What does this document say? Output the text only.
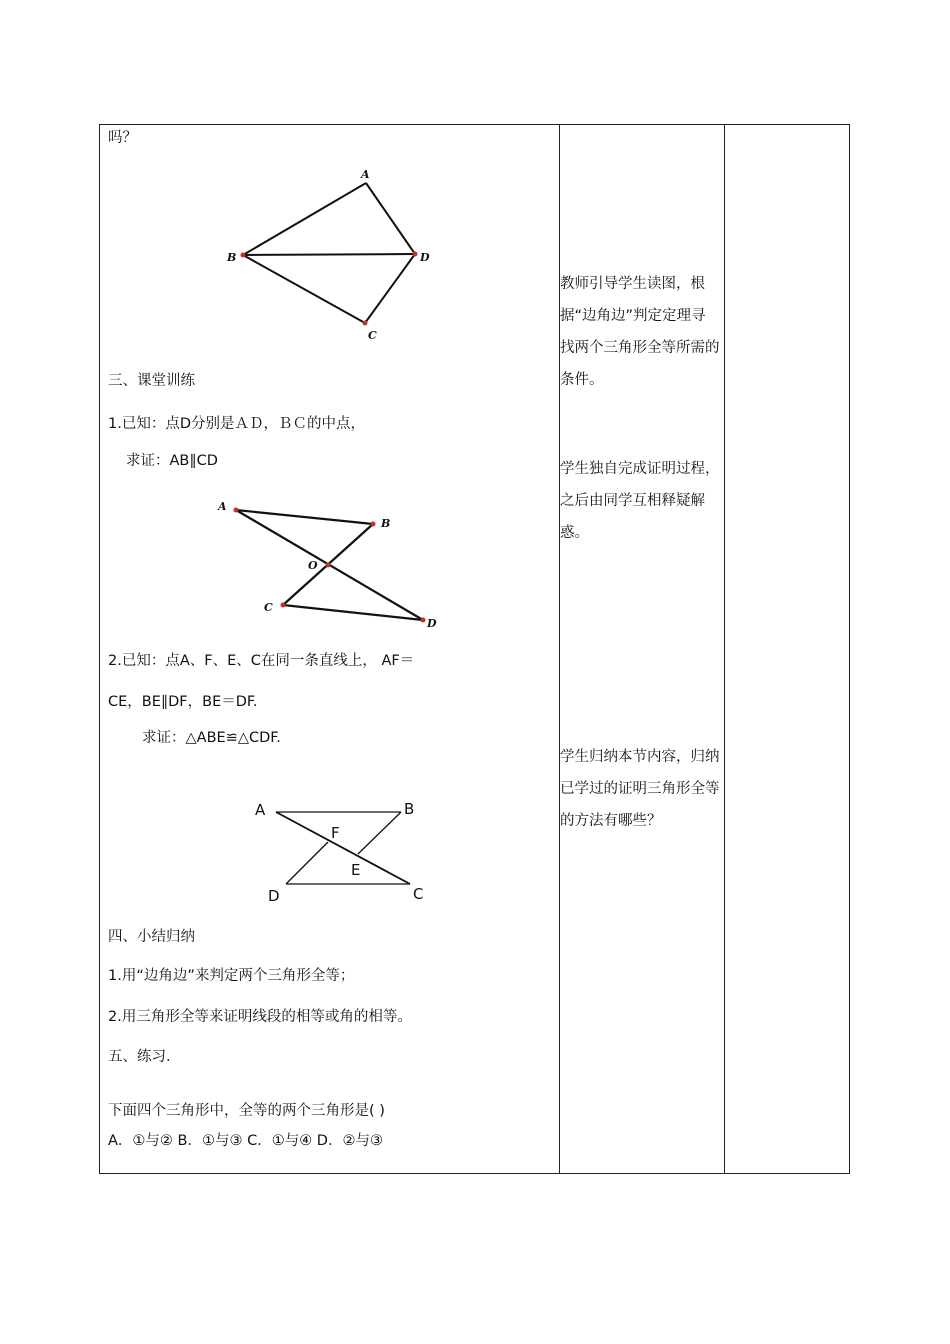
吗？
A
B	D
C
三、课堂训练
1.已知：点D分别是ＡＤ，ＢＣ的中点，
求证：AB∥CD
A
B
O
C
D
2.已知：点A、F、E、C在同一条直线上， AF＝
CE，BE∥DF，BE＝DF.
求证：△ABE≌△CDF.
A	B
F
E
D	C
四、小结归纳
1.用“边角边”来判定两个三角形全等；
2.用三角形全等来证明线段的相等或角的相等。
五、练习.
下面四个三角形中，全等的两个三角形是( )
A．①与② B．①与③ C．①与④ D．②与③
教师引导学生读图，根据“边角边”判定定理寻找两个三角形全等所需的条件。
学生独自完成证明过程，之后由同学互相释疑解惑。
学生归纳本节内容，归纳已学过的证明三角形全等的方法有哪些？
